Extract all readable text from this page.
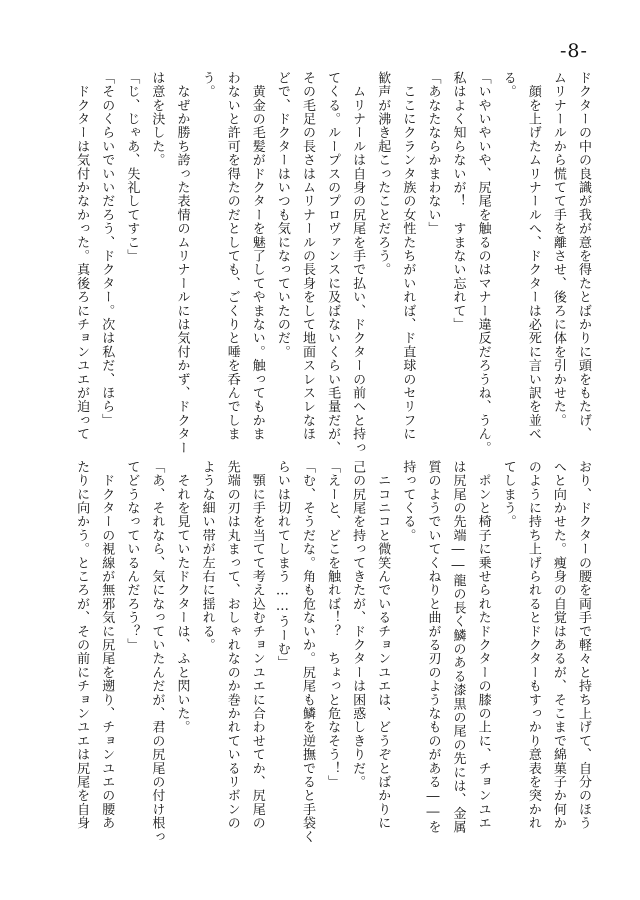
-8-
ドクターの中の良識が我が意を得たとばかりに頭をもたげ、
ムリナールから慌てて手を離させ、後ろに体を引かせた。
　顔を上げたムリナールへ、ドクターは必死に言い訳を並べ
る。
「いやいやいや、尻尾を触るのはマナー違反だろうね、うん。
私はよく知らないが！　すまない忘れて」
「あなたならかまわない」
　ここにクランタ族の女性たちがいれば、ド直球のセリフに
歓声が沸き起こったことだろう。
　ムリナールは自身の尻尾を手で払い、ドクターの前へと持っ
てくる。ループスのプロヴァンスに及ばないくらい毛量だが、
その毛足の長さはムリナールの長身をして地面スレスレなほ
どで、ドクターはいつも気になっていたのだ。
　黄金の毛髪がドクターを魅了してやまない。触ってもかま
わないと許可を得たのだとしても、ごくりと唾を呑んでしま
う。
　なぜか勝ち誇った表情のムリナールには気付かず、ドクター
は意を決した。
「じ、じゃあ、失礼してすこ」
「そのくらいでいいだろう、ドクター。次は私だ、ほら」
　ドクターは気付かなかった。真後ろにチョンユエが迫って
おり、ドクターの腰を両手で軽々と持ち上げて、自分のほう
へと向かせた。痩身の自覚はあるが、そこまで綿菓子か何か
のように持ち上げられるとドクターもすっかり意表を突かれ
てしまう。
　ポンと椅子に乗せられたドクターの膝の上に、チョンユエ
は尻尾の先端――龍の長く鱗のある漆黒の尾の先には、金属
質のようでいてくねりと曲がる刃のようなものがある――を
持ってくる。
　ニコニコと微笑んでいるチョンユエは、どうぞとばかりに
己の尻尾を持ってきたが、ドクターは困惑しきりだ。
「えーと、どこを触れば！？　ちょっと危なそう！」
「む、そうだな。角も危ないか。尻尾も鱗を逆撫でると手袋く
らいは切れてしまう……うーむ」
　顎に手を当てて考え込むチョンユエに合わせてか、尻尾の
先端の刃は丸まって、おしゃれなのか巻かれているリボンの
ような細い帯が左右に揺れる。
　それを見ていたドクターは、ふと閃いた。
「あ、それなら、気になっていたんだが、君の尻尾の付け根っ
てどうなっているんだろう？」
　ドクターの視線が無邪気に尻尾を遡り、チョンユエの腰あ
たりに向かう。ところが、その前にチョンユエは尻尾を自身
